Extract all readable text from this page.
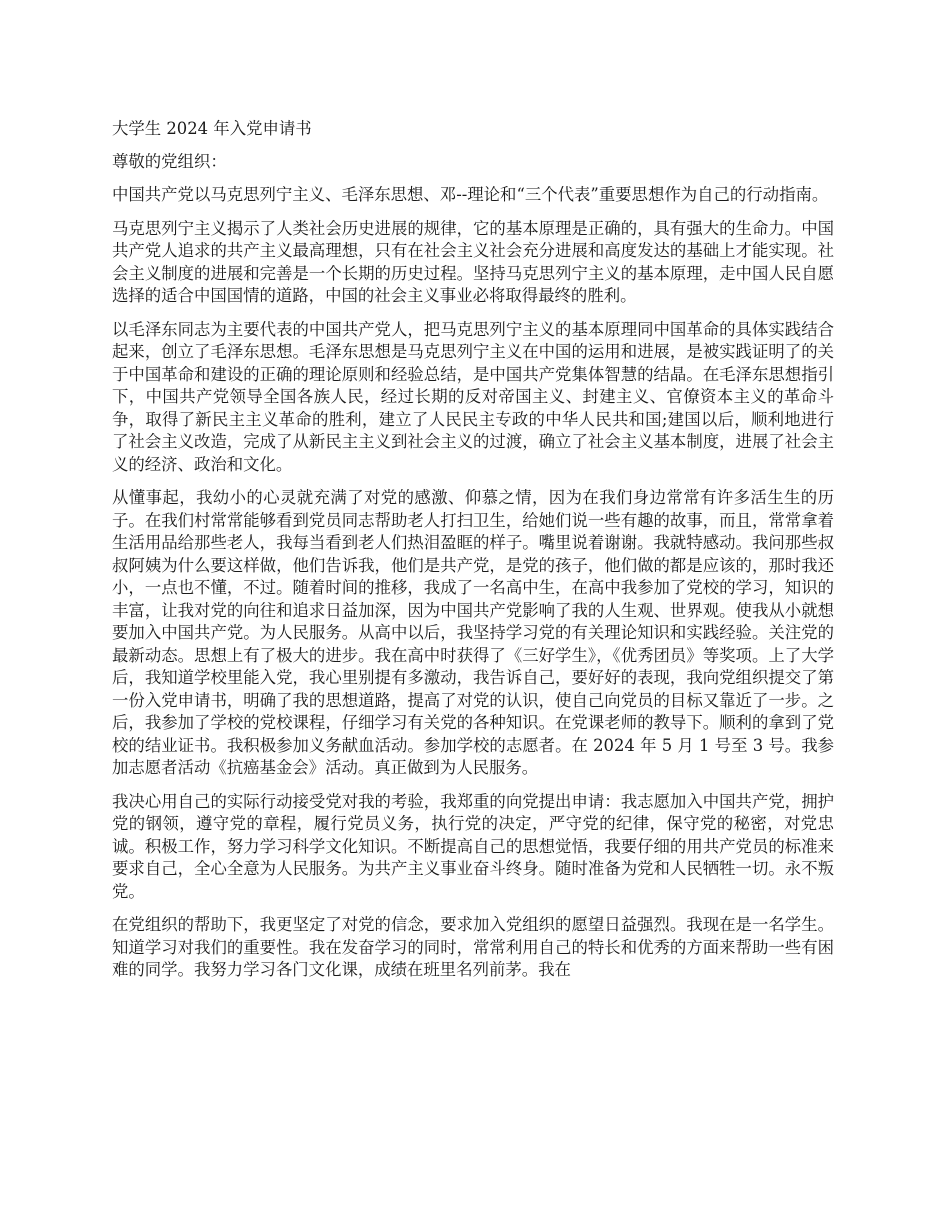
大学生 2024 年入党申请书

尊敬的党组织：

中国共产党以马克思列宁主义、毛泽东思想、邓--理论和“三个代表”重要思想作为自己的行动指南。

马克思列宁主义揭示了人类社会历史进展的规律，它的基本原理是正确的，具有强大的生命力。中国共产党人追求的共产主义最高理想，只有在社会主义社会充分进展和高度发达的基础上才能实现。社会主义制度的进展和完善是一个长期的历史过程。坚持马克思列宁主义的基本原理，走中国人民自愿选择的适合中国国情的道路，中国的社会主义事业必将取得最终的胜利。

以毛泽东同志为主要代表的中国共产党人，把马克思列宁主义的基本原理同中国革命的具体实践结合起来，创立了毛泽东思想。毛泽东思想是马克思列宁主义在中国的运用和进展，是被实践证明了的关于中国革命和建设的正确的理论原则和经验总结，是中国共产党集体智慧的结晶。在毛泽东思想指引下，中国共产党领导全国各族人民，经过长期的反对帝国主义、封建主义、官僚资本主义的革命斗争，取得了新民主主义革命的胜利，建立了人民民主专政的中华人民共和国;建国以后，顺利地进行了社会主义改造，完成了从新民主主义到社会主义的过渡，确立了社会主义基本制度，进展了社会主义的经济、政治和文化。

从懂事起，我幼小的心灵就充满了对党的感激、仰慕之情，因为在我们身边常常有许多活生生的历子。在我们村常常能够看到党员同志帮助老人打扫卫生，给她们说一些有趣的故事，而且，常常拿着生活用品给那些老人，我每当看到老人们热泪盈眶的样子。嘴里说着谢谢。我就特感动。我问那些叔叔阿姨为什么要这样做，他们告诉我，他们是共产党，是党的孩子，他们做的都是应该的，那时我还小，一点也不懂，不过。随着时间的推移，我成了一名高中生，在高中我参加了党校的学习，知识的丰富，让我对党的向往和追求日益加深，因为中国共产党影响了我的人生观、世界观。使我从小就想要加入中国共产党。为人民服务。从高中以后，我坚持学习党的有关理论知识和实践经验。关注党的最新动态。思想上有了极大的进步。我在高中时获得了《三好学生》，《优秀团员》等奖项。上了大学后，我知道学校里能入党，我心里别提有多激动，我告诉自己，要好好的表现，我向党组织提交了第一份入党申请书，明确了我的思想道路，提高了对党的认识，使自己向党员的目标又靠近了一步。之后，我参加了学校的党校课程，仔细学习有关党的各种知识。在党课老师的教导下。顺利的拿到了党校的结业证书。我积极参加义务献血活动。参加学校的志愿者。在 2024 年 5 月 1 号至 3 号。我参加志愿者活动《抗癌基金会》活动。真正做到为人民服务。

我决心用自己的实际行动接受党对我的考验，我郑重的向党提出申请：我志愿加入中国共产党，拥护党的钢领，遵守党的章程，履行党员义务，执行党的决定，严守党的纪律，保守党的秘密，对党忠诚。积极工作，努力学习科学文化知识。不断提高自己的思想觉悟，我要仔细的用共产党员的标准来要求自己，全心全意为人民服务。为共产主义事业奋斗终身。随时准备为党和人民牺牲一切。永不叛党。

在党组织的帮助下，我更坚定了对党的信念，要求加入党组织的愿望日益强烈。我现在是一名学生。知道学习对我们的重要性。我在发奋学习的同时，常常利用自己的特长和优秀的方面来帮助一些有困难的同学。我努力学习各门文化课，成绩在班里名列前茅。我在
